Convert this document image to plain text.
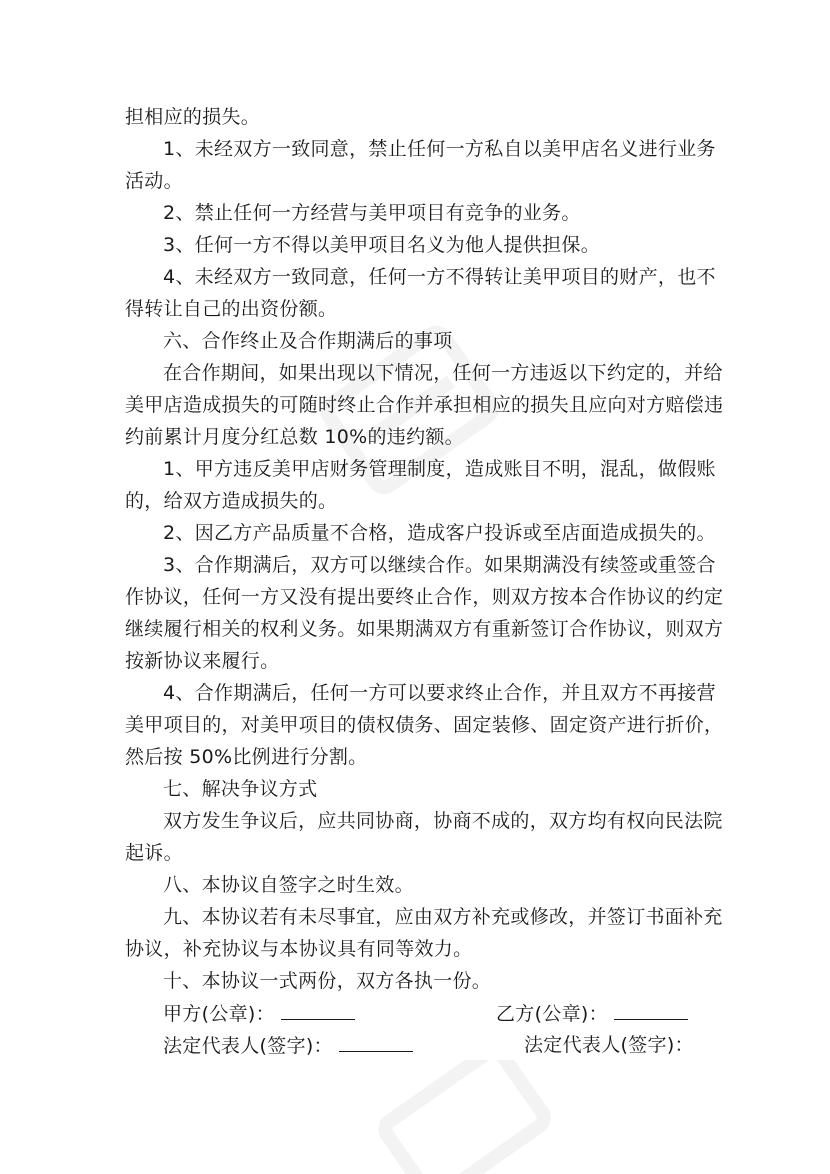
担相应的损失。

1、未经双方一致同意，禁止任何一方私自以美甲店名义进行业务活动。

2、禁止任何一方经营与美甲项目有竞争的业务。

3、任何一方不得以美甲项目名义为他人提供担保。

4、未经双方一致同意，任何一方不得转让美甲项目的财产，也不得转让自己的出资份额。

六、合作终止及合作期满后的事项

在合作期间，如果出现以下情况，任何一方违返以下约定的，并给美甲店造成损失的可随时终止合作并承担相应的损失且应向对方赔偿违约前累计月度分红总数 10%的违约额。

1、甲方违反美甲店财务管理制度，造成账目不明，混乱，做假账的，给双方造成损失的。

2、因乙方产品质量不合格，造成客户投诉或至店面造成损失的。

3、合作期满后，双方可以继续合作。如果期满没有续签或重签合作协议，任何一方又没有提出要终止合作，则双方按本合作协议的约定继续履行相关的权利义务。如果期满双方有重新签订合作协议，则双方按新协议来履行。

4、合作期满后，任何一方可以要求终止合作，并且双方不再接营美甲项目的，对美甲项目的债权债务、固定装修、固定资产进行折价，然后按 50%比例进行分割。

七、解决争议方式

双方发生争议后，应共同协商，协商不成的，双方均有权向民法院起诉。

八、本协议自签字之时生效。

九、本协议若有未尽事宜，应由双方补充或修改，并签订书面补充协议，补充协议与本协议具有同等效力。

十、本协议一式两份，双方各执一份。

甲方(公章)：	乙方(公章)：
法定代表人(签字)：	法定代表人(签字)：
